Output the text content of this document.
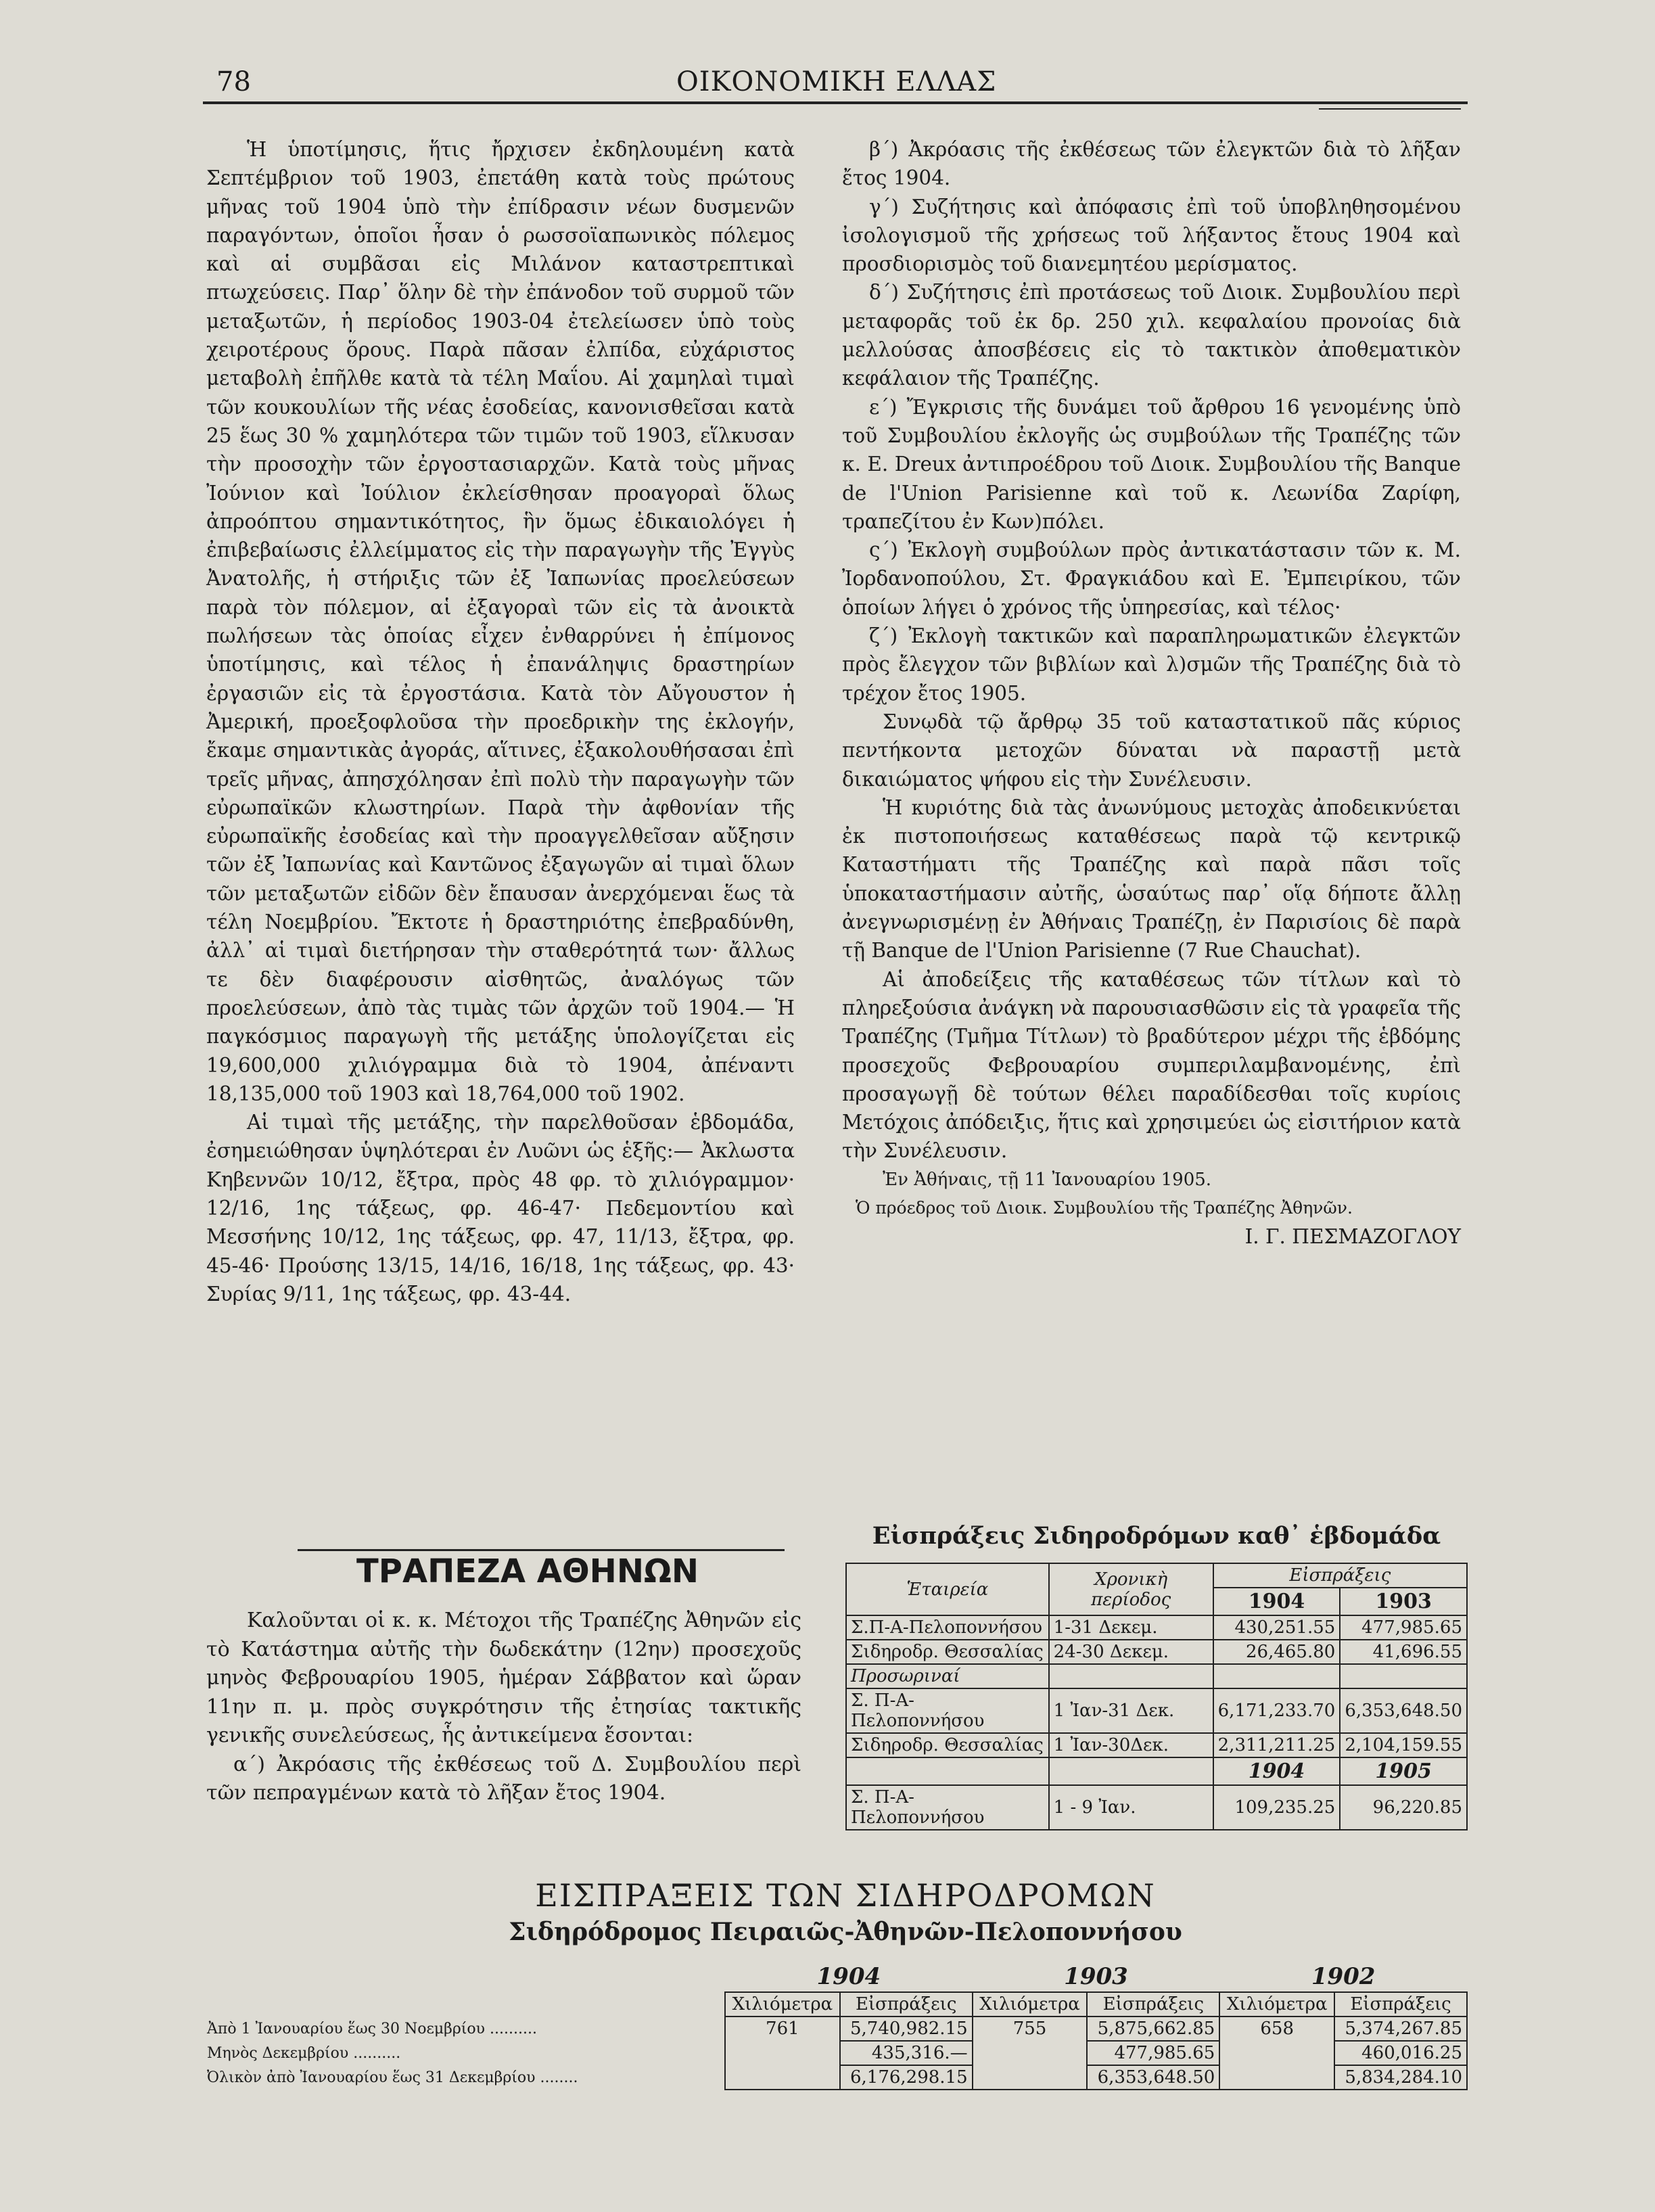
78	ΟΙΚΟΝΟΜΙΚΗ ΕΛΛΑΣ

Ἡ ὑποτίμησις, ἥτις ἤρχισεν ἐκδηλουμένη κατὰ Σεπτέμβριον τοῦ 1903, ἐπετάθη κατὰ τοὺς πρώτους μῆνας τοῦ 1904 ὑπὸ τὴν ἐπίδρασιν νέων δυσμενῶν παραγόντων, ὁποῖοι ἦσαν ὁ ρωσσοϊαπωνικὸς πόλεμος καὶ αἱ συμβᾶσαι εἰς Μιλάνον καταστρεπτικαὶ πτωχεύσεις. Παρ᾽ ὅλην δὲ τὴν ἐπάνοδον τοῦ συρμοῦ τῶν μεταξωτῶν, ἡ περίοδος 1903-04 ἐτελείωσεν ὑπὸ τοὺς χειροτέρους ὅρους. Παρὰ πᾶσαν ἐλπίδα, εὐχάριστος μεταβολὴ ἐπῆλθε κατὰ τὰ τέλη Μαΐου. Αἱ χαμηλαὶ τιμαὶ τῶν κουκουλίων τῆς νέας ἐσοδείας, κανονισθεῖσαι κατὰ 25 ἕως 30 % χαμηλότερα τῶν τιμῶν τοῦ 1903, εἵλκυσαν τὴν προσοχὴν τῶν ἐργοστασιαρχῶν. Κατὰ τοὺς μῆνας Ἰούνιον καὶ Ἰούλιον ἐκλείσθησαν προαγοραὶ ὅλως ἀπροόπτου σημαντικότητος, ἣν ὅμως ἐδικαιολόγει ἡ ἐπιβεβαίωσις ἐλλείμματος εἰς τὴν παραγωγὴν τῆς Ἐγγὺς Ἀνατολῆς, ἡ στήριξις τῶν ἐξ Ἰαπωνίας προελεύσεων παρὰ τὸν πόλεμον, αἱ ἐξαγοραὶ τῶν εἰς τὰ ἀνοικτὰ πωλήσεων τὰς ὁποίας εἶχεν ἐνθαρρύνει ἡ ἐπίμονος ὑποτίμησις, καὶ τέλος ἡ ἐπανάληψις δραστηρίων ἐργασιῶν εἰς τὰ ἐργοστάσια. Κατὰ τὸν Αὔγουστον ἡ Ἀμερική, προεξοφλοῦσα τὴν προεδρικὴν της ἐκλογήν, ἔκαμε σημαντικὰς ἀγοράς, αἵτινες, ἐξακολουθήσασαι ἐπὶ τρεῖς μῆνας, ἀπησχόλησαν ἐπὶ πολὺ τὴν παραγωγὴν τῶν εὐρωπαϊκῶν κλωστηρίων. Παρὰ τὴν ἀφθονίαν τῆς εὐρωπαϊκῆς ἐσοδείας καὶ τὴν προαγγελθεῖσαν αὔξησιν τῶν ἐξ Ἰαπωνίας καὶ Καντῶνος ἐξαγωγῶν αἱ τιμαὶ ὅλων τῶν μεταξωτῶν εἰδῶν δὲν ἔπαυσαν ἀνερχόμεναι ἕως τὰ τέλη Νοεμβρίου. Ἔκτοτε ἡ δραστηριότης ἐπεβραδύνθη, ἀλλ᾽ αἱ τιμαὶ διετήρησαν τὴν σταθερότητά των· ἄλλως τε δὲν διαφέρουσιν αἰσθητῶς, ἀναλόγως τῶν προελεύσεων, ἀπὸ τὰς τιμὰς τῶν ἀρχῶν τοῦ 1904.— Ἡ παγκόσμιος παραγωγὴ τῆς μετάξης ὑπολογίζεται εἰς 19,600,000 χιλιόγραμμα διὰ τὸ 1904, ἀπέναντι 18,135,000 τοῦ 1903 καὶ 18,764,000 τοῦ 1902.

Αἱ τιμαὶ τῆς μετάξης, τὴν παρελθοῦσαν ἑβδομάδα, ἐσημειώθησαν ὑψηλότεραι ἐν Λυῶνι ὡς ἑξῆς:— Ἀκλωστα Κηβεννῶν 10/12, ἔξτρα, πρὸς 48 φρ. τὸ χιλιόγραμμον· 12/16, 1ης τάξεως, φρ. 46-47· Πεδεμοντίου καὶ Μεσσήνης 10/12, 1ης τάξεως, φρ. 47, 11/13, ἔξτρα, φρ. 45-46· Προύσης 13/15, 14/16, 16/18, 1ης τάξεως, φρ. 43· Συρίας 9/11, 1ης τάξεως, φρ. 43-44.

ΤΡΑΠΕΖΑ ΑΘΗΝΩΝ

Καλοῦνται οἱ κ. κ. Μέτοχοι τῆς Τραπέζης Ἀθηνῶν εἰς τὸ Κατάστημα αὐτῆς τὴν δωδεκάτην (12ην) προσεχοῦς μηνὸς Φεβρουαρίου 1905, ἡμέραν Σάββατον καὶ ὥραν 11ην π. μ. πρὸς συγκρότησιν τῆς ἐτησίας τακτικῆς γενικῆς συνελεύσεως, ἧς ἀντικείμενα ἔσονται:

α´) Ἀκρόασις τῆς ἐκθέσεως τοῦ Δ. Συμβουλίου περὶ τῶν πεπραγμένων κατὰ τὸ λῆξαν ἔτος 1904.

β´) Ἀκρόασις τῆς ἐκθέσεως τῶν ἐλεγκτῶν διὰ τὸ λῆξαν ἔτος 1904.

γ´) Συζήτησις καὶ ἀπόφασις ἐπὶ τοῦ ὑποβληθησομένου ἰσολογισμοῦ τῆς χρήσεως τοῦ λήξαντος ἔτους 1904 καὶ προσδιορισμὸς τοῦ διανεμητέου μερίσματος.

δ´) Συζήτησις ἐπὶ προτάσεως τοῦ Διοικ. Συμβουλίου περὶ μεταφορᾶς τοῦ ἐκ δρ. 250 χιλ. κεφαλαίου προνοίας διὰ μελλούσας ἀποσβέσεις εἰς τὸ τακτικὸν ἀποθεματικὸν κεφάλαιον τῆς Τραπέζης.

ε´) Ἔγκρισις τῆς δυνάμει τοῦ ἄρθρου 16 γενομένης ὑπὸ τοῦ Συμβουλίου ἐκλογῆς ὡς συμβούλων τῆς Τραπέζης τῶν κ. Ε. Dreux ἀντιπροέδρου τοῦ Διοικ. Συμβουλίου τῆς Banque de l'Union Parisienne καὶ τοῦ κ. Λεωνίδα Ζαρίφη, τραπεζίτου ἐν Κων)πόλει.

ς´) Ἐκλογὴ συμβούλων πρὸς ἀντικατάστασιν τῶν κ. Μ. Ἰορδανοπούλου, Στ. Φραγκιάδου καὶ Ε. Ἐμπειρίκου, τῶν ὁποίων λήγει ὁ χρόνος τῆς ὑπηρεσίας, καὶ τέλος·

ζ´) Ἐκλογὴ τακτικῶν καὶ παραπληρωματικῶν ἐλεγκτῶν πρὸς ἔλεγχον τῶν βιβλίων καὶ λ)σμῶν τῆς Τραπέζης διὰ τὸ τρέχον ἔτος 1905.

Συνῳδὰ τῷ ἄρθρῳ 35 τοῦ καταστατικοῦ πᾶς κύριος πεντήκοντα μετοχῶν δύναται νὰ παραστῇ μετὰ δικαιώματος ψήφου εἰς τὴν Συνέλευσιν.

Ἡ κυριότης διὰ τὰς ἀνωνύμους μετοχὰς ἀποδεικνύεται ἐκ πιστοποιήσεως καταθέσεως παρὰ τῷ κεντρικῷ Καταστήματι τῆς Τραπέζης καὶ παρὰ πᾶσι τοῖς ὑποκαταστήμασιν αὐτῆς, ὡσαύτως παρ᾽ οἵᾳ δήποτε ἄλλῃ ἀνεγνωρισμένῃ ἐν Ἀθήναις Τραπέζῃ, ἐν Παρισίοις δὲ παρὰ τῇ Banque de l'Union Parisienne (7 Rue Chauchat).

Αἱ ἀποδείξεις τῆς καταθέσεως τῶν τίτλων καὶ τὸ πληρεξούσια ἀνάγκη νὰ παρουσιασθῶσιν εἰς τὰ γραφεῖα τῆς Τραπέζης (Τμῆμα Τίτλων) τὸ βραδύτερον μέχρι τῆς ἑβδόμης προσεχοῦς Φεβρουαρίου συμπεριλαμβανομένης, ἐπὶ προσαγωγῇ δὲ τούτων θέλει παραδίδεσθαι τοῖς κυρίοις Μετόχοις ἀπόδειξις, ἥτις καὶ χρησιμεύει ὡς εἰσιτήριον κατὰ τὴν Συνέλευσιν.

Ἐν Ἀθήναις, τῇ 11 Ἰανουαρίου 1905.

Ὁ πρόεδρος τοῦ Διοικ. Συμβουλίου τῆς Τραπέζης Ἀθηνῶν.

Ι. Γ. ΠΕΣΜΑΖΟΓΛΟΥ

Εἰσπράξεις Σιδηροδρόμων καθ᾽ ἑβδομάδα
Ἑταιρεία	Χρονικὴ περίοδος	Εἰσπράξεις	
		1904	1903
Σ.Π-Α-Πελοποννήσου	1-31 Δεκεμ.	430,251.55	477,985.65
Σιδηροδρ. Θεσσαλίας	24-30 Δεκεμ.	26,465.80	41,696.55
Προσωριναί			
Σ. Π-Α-Πελοποννήσου	1 Ἰαν-31 Δεκ.	6,171,233.70	6,353,648.50
Σιδηροδρ. Θεσσαλίας	1 Ἰαν-30Δεκ.	2,311,211.25	2,104,159.55
		1904	1905
Σ. Π-Α-Πελοποννήσου	1 - 9 Ἰαν.	109,235.25	96,220.85
ΕΙΣΠΡΑΞΕΙΣ ΤΩΝ ΣΙΔΗΡΟΔΡΟΜΩΝ
Σιδηρόδρομος Πειραιῶς-Ἀθηνῶν-Πελοποννήσου
	1904		1903		1902	
	Χιλιόμετρα	Εἰσπράξεις	Χιλιόμετρα	Εἰσπράξεις	Χιλιόμετρα	Εἰσπράξεις
Ἀπὸ 1 Ἰανουαρίου ἕως 30 Νοεμβρίου ..........	761	5,740,982.15	755	5,875,662.85	658	5,374,267.85
Μηνὸς Δεκεμβρίου ..........		435,316.—		477,985.65		460,016.25
Ὀλικὸν ἀπὸ Ἰανουαρίου ἕως 31 Δεκεμβρίου ........		6,176,298.15		6,353,648.50		5,834,284.10
